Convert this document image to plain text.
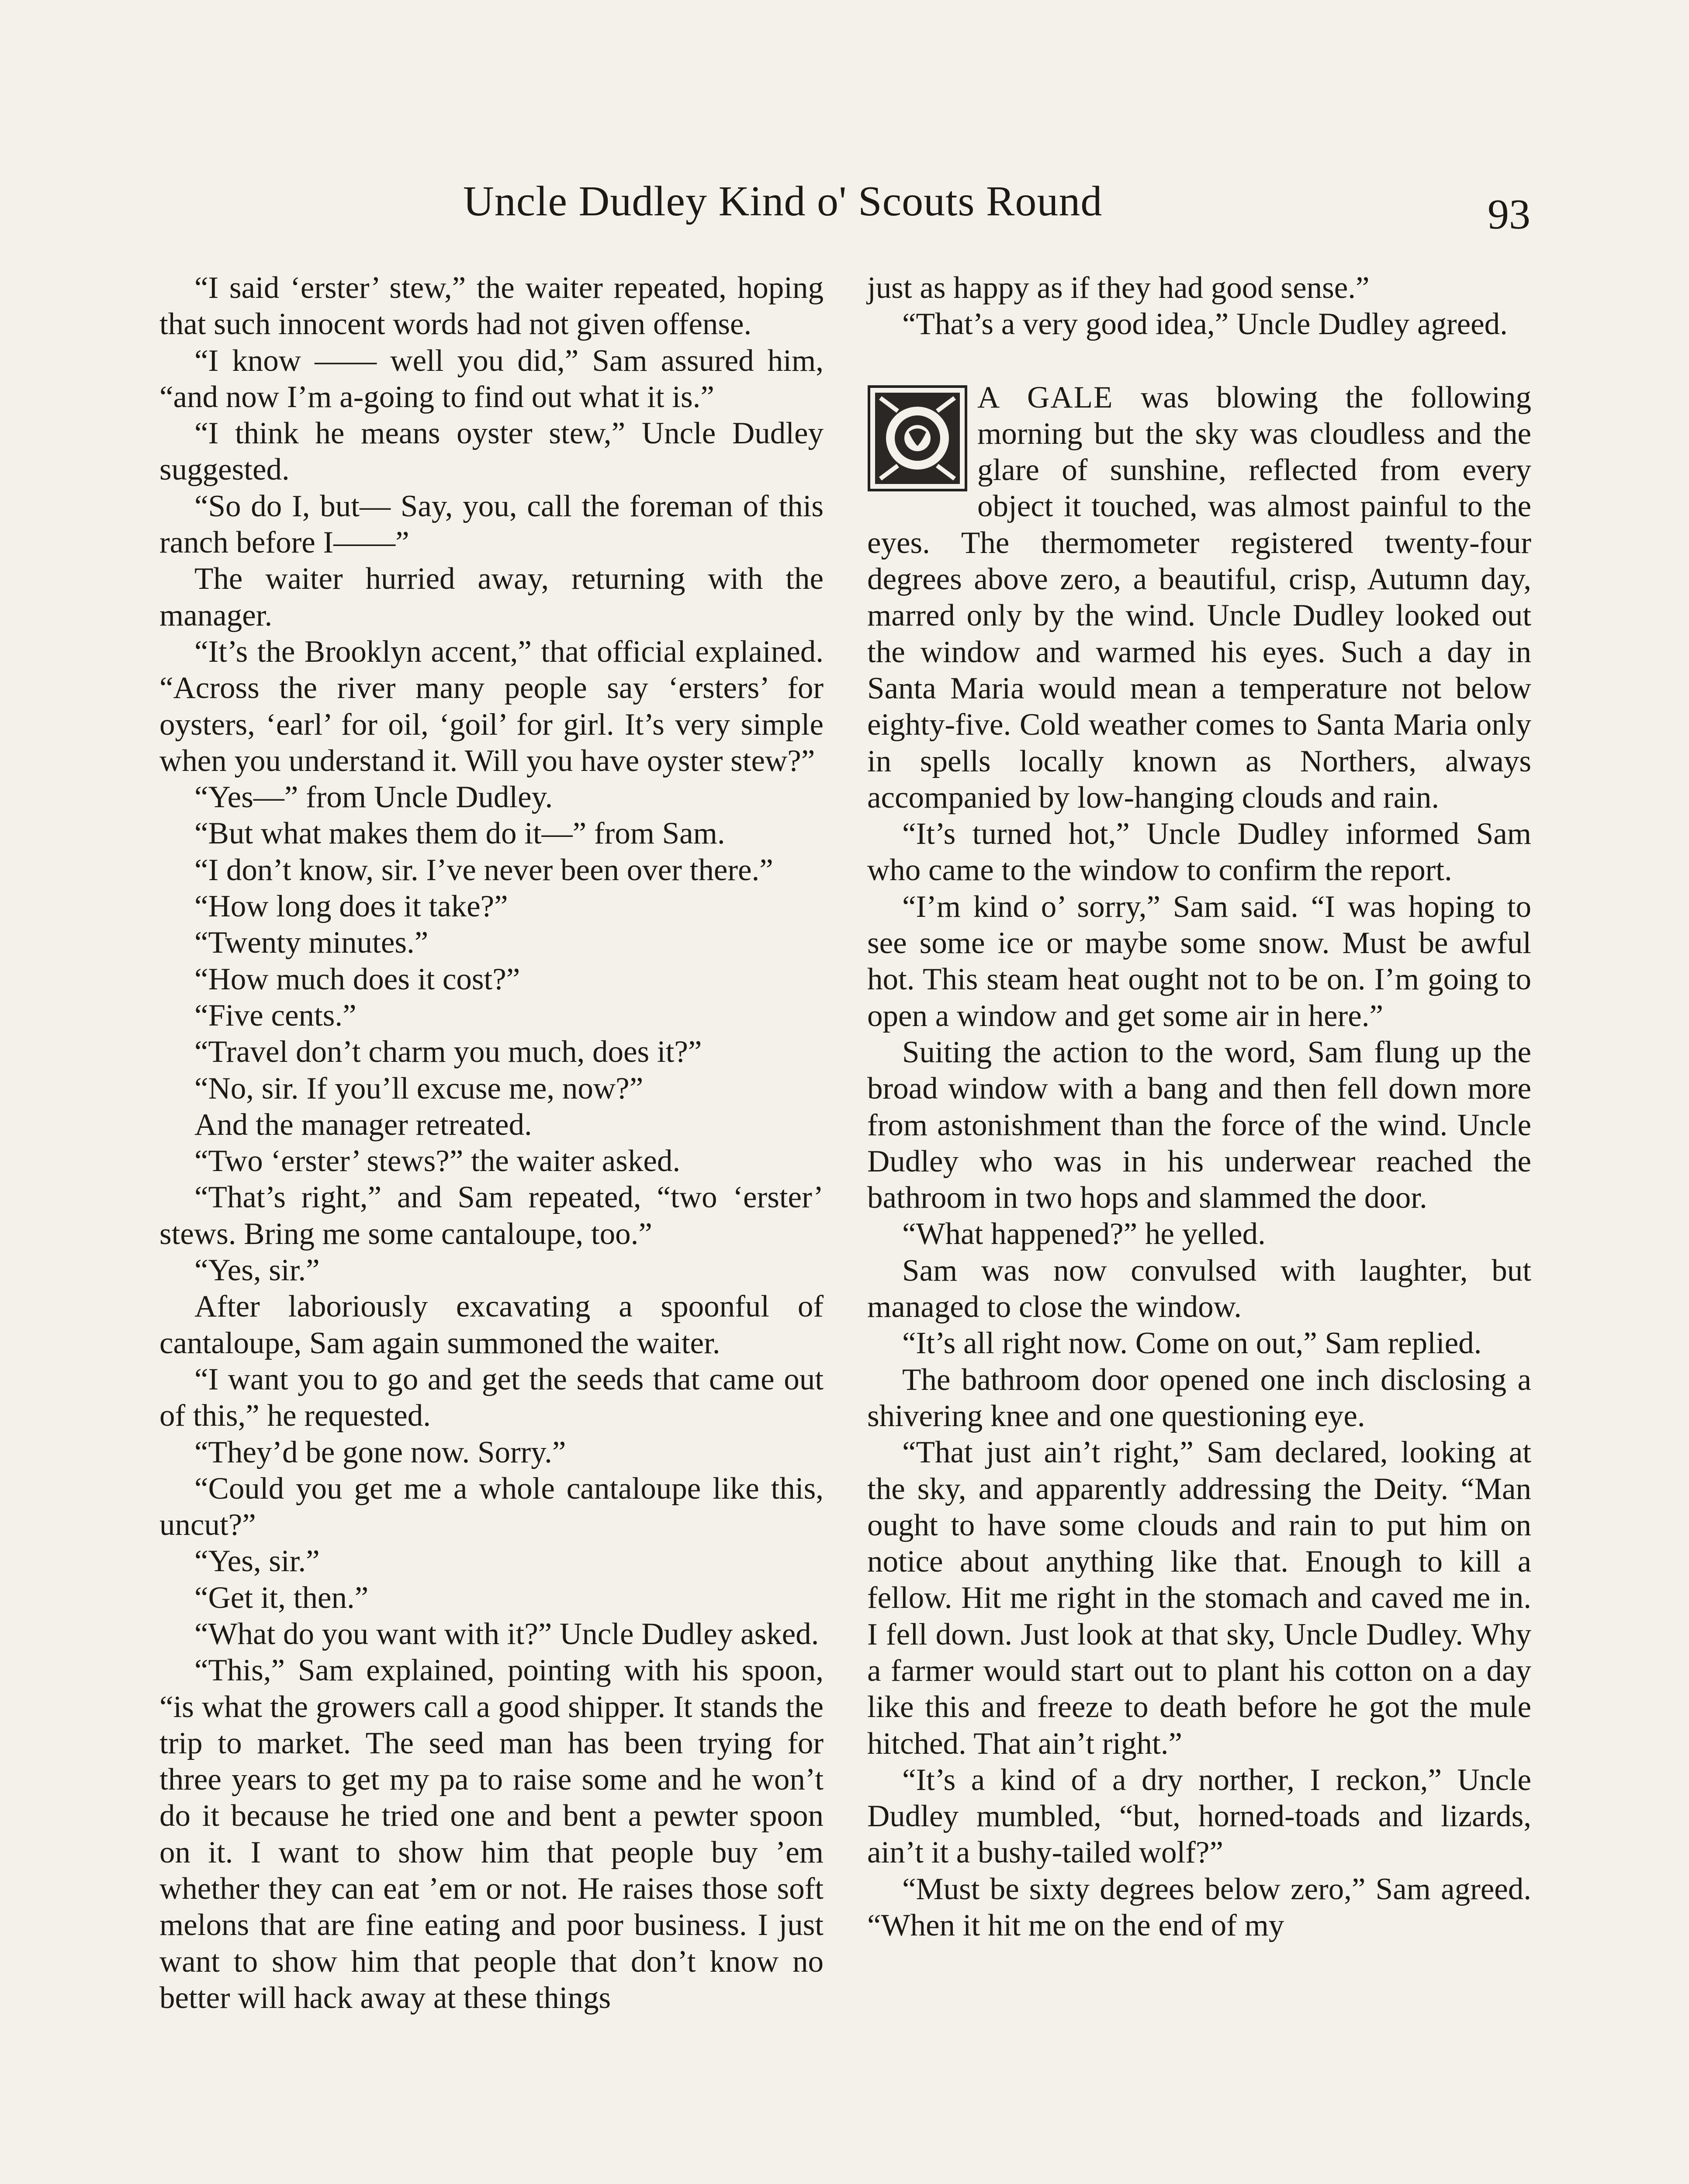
Uncle Dudley Kind o' Scouts Round	93

“I said ‘erster’ stew,” the waiter repeated, hoping that such innocent words had not given offense.

“I know —— well you did,” Sam assured him, “and now I’m a-going to find out what it is.”

“I think he means oyster stew,” Uncle Dudley suggested.

“So do I, but— Say, you, call the foreman of this ranch before I——”

The waiter hurried away, returning with the manager.

“It’s the Brooklyn accent,” that official explained. “Across the river many people say ‘ersters’ for oysters, ‘earl’ for oil, ‘goil’ for girl. It’s very simple when you understand it. Will you have oyster stew?”

“Yes—” from Uncle Dudley.

“But what makes them do it—” from Sam.

“I don’t know, sir. I’ve never been over there.”

“How long does it take?”

“Twenty minutes.”

“How much does it cost?”

“Five cents.”

“Travel don’t charm you much, does it?”

“No, sir. If you’ll excuse me, now?”

And the manager retreated.

“Two ‘erster’ stews?” the waiter asked.

“That’s right,” and Sam repeated, “two ‘erster’ stews. Bring me some cantaloupe, too.”

“Yes, sir.”

After laboriously excavating a spoonful of cantaloupe, Sam again summoned the waiter.

“I want you to go and get the seeds that came out of this,” he requested.

“They’d be gone now. Sorry.”

“Could you get me a whole cantaloupe like this, uncut?”

“Yes, sir.”

“Get it, then.”

“What do you want with it?” Uncle Dudley asked.

“This,” Sam explained, pointing with his spoon, “is what the growers call a good shipper. It stands the trip to market. The seed man has been trying for three years to get my pa to raise some and he won’t do it because he tried one and bent a pewter spoon on it. I want to show him that people buy ’em whether they can eat ’em or not. He raises those soft melons that are fine eating and poor business. I just want to show him that people that don’t know no better will hack away at these things

just as happy as if they had good sense.”

“That’s a very good idea,” Uncle Dudley agreed.

A GALE was blowing the following morning but the sky was cloudless and the glare of sunshine, reflected from every object it touched, was almost painful to the eyes. The thermometer registered twenty-four degrees above zero, a beautiful, crisp, Autumn day, marred only by the wind. Uncle Dudley looked out the window and warmed his eyes. Such a day in Santa Maria would mean a temperature not below eighty-five. Cold weather comes to Santa Maria only in spells locally known as Northers, always accompanied by low-hanging clouds and rain.

“It’s turned hot,” Uncle Dudley informed Sam who came to the window to confirm the report.

“I’m kind o’ sorry,” Sam said. “I was hoping to see some ice or maybe some snow. Must be awful hot. This steam heat ought not to be on. I’m going to open a window and get some air in here.”

Suiting the action to the word, Sam flung up the broad window with a bang and then fell down more from astonishment than the force of the wind. Uncle Dudley who was in his underwear reached the bathroom in two hops and slammed the door.

“What happened?” he yelled.

Sam was now convulsed with laughter, but managed to close the window.

“It’s all right now. Come on out,” Sam replied.

The bathroom door opened one inch disclosing a shivering knee and one questioning eye.

“That just ain’t right,” Sam declared, looking at the sky, and apparently addressing the Deity. “Man ought to have some clouds and rain to put him on notice about anything like that. Enough to kill a fellow. Hit me right in the stomach and caved me in. I fell down. Just look at that sky, Uncle Dudley. Why a farmer would start out to plant his cotton on a day like this and freeze to death before he got the mule hitched. That ain’t right.”

“It’s a kind of a dry norther, I reckon,” Uncle Dudley mumbled, “but, horned-toads and lizards, ain’t it a bushy-tailed wolf?”

“Must be sixty degrees below zero,” Sam agreed. “When it hit me on the end of my
